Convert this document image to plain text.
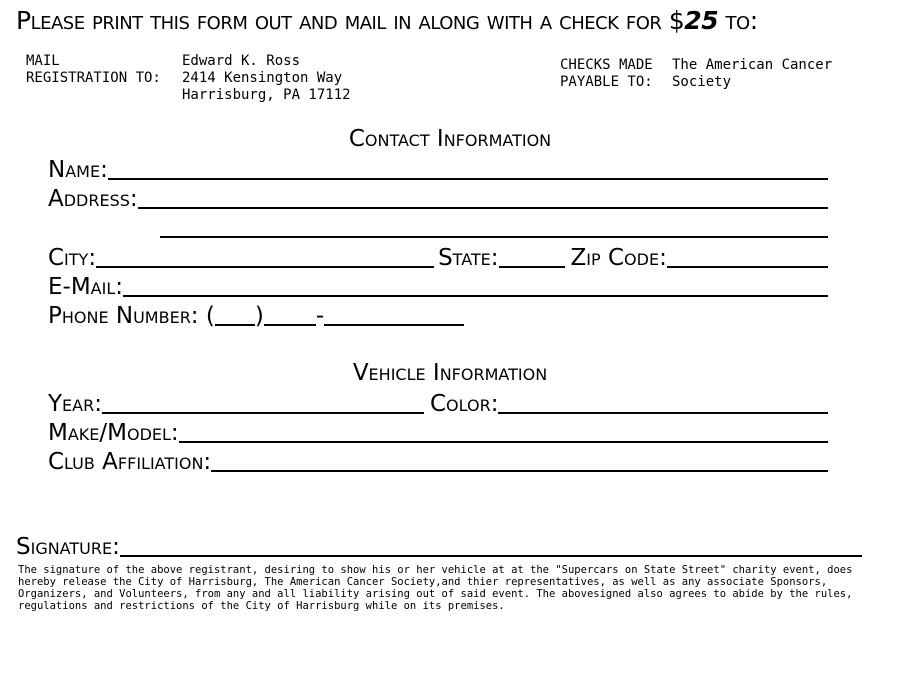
Please print this form out and mail in along with a check for $25 to:
MAIL
REGISTRATION TO:
Edward K. Ross
2414 Kensington Way
Harrisburg, PA 17112
CHECKS MADE
PAYABLE TO:
The American Cancer
Society
Contact Information
Name:
Address:
City:	State:	Zip Code:
E-Mail:
Phone Number: ( ) -
Vehicle Information
Year:	Color:
Make/Model:
Club Affiliation:
Signature:
The signature of the above registrant, desiring to show his or her vehicle at at the "Supercars on State Street" charity event, does hereby release the City of Harrisburg, The American Cancer Society,and thier representatives, as well as any associate Sponsors, Organizers, and Volunteers, from any and all liability arising out of said event. The abovesigned also agrees to abide by the rules, regulations and restrictions of the City of Harrisburg while on its premises.
